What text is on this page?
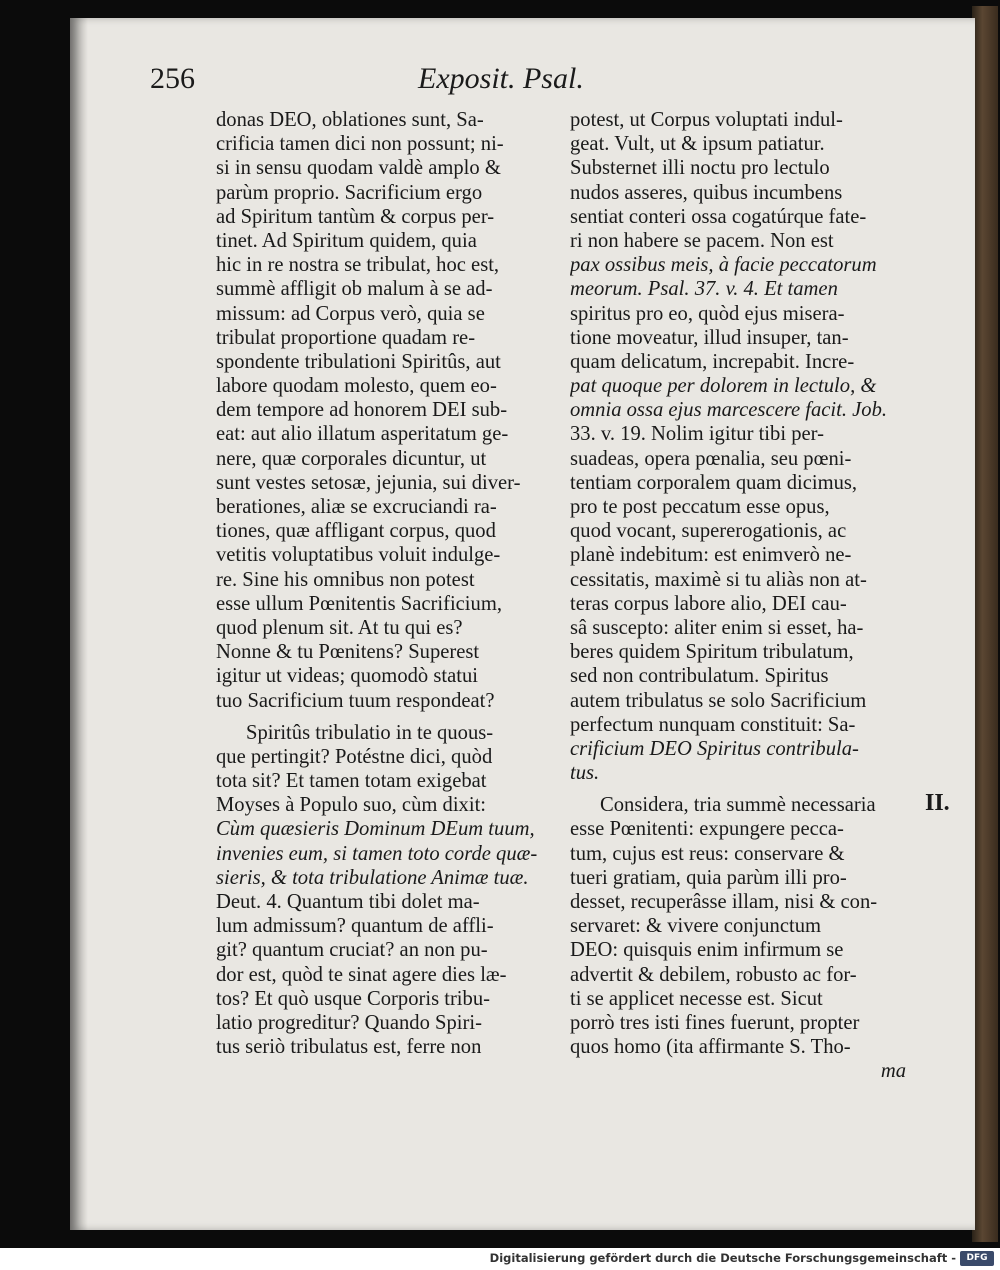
256	Exposit. Psal.
donas DEO, oblationes sunt, Sa-
crificia tamen dici non possunt; ni-
si in sensu quodam valdè amplo &
parùm proprio. Sacrificium ergo
ad Spiritum tantùm & corpus per-
tinet. Ad Spiritum quidem, quia
hic in re nostra se tribulat, hoc est,
summè affligit ob malum à se ad-
missum: ad Corpus verò, quia se
tribulat proportione quadam re-
spondente tribulationi Spiritûs, aut
labore quodam molesto, quem eo-
dem tempore ad honorem DEI sub-
eat: aut alio illatum asperitatum ge-
nere, quæ corporales dicuntur, ut
sunt vestes setosæ, jejunia, sui diver-
berationes, aliæ se excruciandi ra-
tiones, quæ affligant corpus, quod
vetitis voluptatibus voluit indulge-
re. Sine his omnibus non potest
esse ullum Pœnitentis Sacrificium,
quod plenum sit. At tu qui es?
Nonne & tu Pœnitens? Superest
igitur ut videas; quomodò statui
tuo Sacrificium tuum respondeat?
Spiritûs tribulatio in te quous-
que pertingit? Potéstne dici, quòd
tota sit? Et tamen totam exigebat
Moyses à Populo suo, cùm dixit:
Cùm quæsieris Dominum DEum tuum,
invenies eum, si tamen toto corde quæ-
sieris, & tota tribulatione Animæ tuæ.
Deut. 4. Quantum tibi dolet ma-
lum admissum? quantum de affli-
git? quantum cruciat? an non pu-
dor est, quòd te sinat agere dies læ-
tos? Et quò usque Corporis tribu-
latio progreditur? Quando Spiri-
tus seriò tribulatus est, ferre non
potest, ut Corpus voluptati indul-
geat. Vult, ut & ipsum patiatur.
Substernet illi noctu pro lectulo
nudos asseres, quibus incumbens
sentiat conteri ossa cogatúrque fate-
ri non habere se pacem. Non est
pax ossibus meis, à facie peccatorum
meorum. Psal. 37. v. 4. Et tamen
spiritus pro eo, quòd ejus misera-
tione moveatur, illud insuper, tan-
quam delicatum, increpabit. Incre-
pat quoque per dolorem in lectulo, &
omnia ossa ejus marcescere facit. Job.
33. v. 19. Nolim igitur tibi per-
suadeas, opera pœnalia, seu pœni-
tentiam corporalem quam dicimus,
pro te post peccatum esse opus,
quod vocant, supererogationis, ac
planè indebitum: est enimverò ne-
cessitatis, maximè si tu aliàs non at-
teras corpus labore alio, DEI cau-
sâ suscepto: aliter enim si esset, ha-
beres quidem Spiritum tribulatum,
sed non contribulatum. Spiritus
autem tribulatus se solo Sacrificium
perfectum nunquam constituit: Sa-
crificium DEO Spiritus contribula-
tus.
Considera, tria summè necessaria
esse Pœnitenti: expungere pecca-
tum, cujus est reus: conservare &
tueri gratiam, quia parùm illi pro-
desset, recuperâsse illam, nisi & con-
servaret: & vivere conjunctum
DEO: quisquis enim infirmum se
advertit & debilem, robusto ac for-
ti se applicet necesse est. Sicut
porrò tres isti fines fuerunt, propter
quos homo (ita affirmante S. Tho-
ma
II.
Digitalisierung gefördert durch die Deutsche Forschungsgemeinschaft -	DFG
